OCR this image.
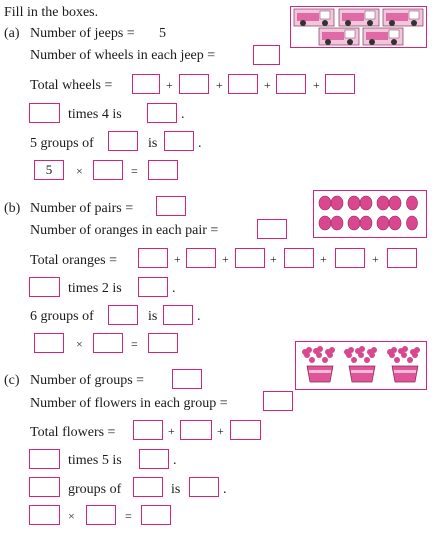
Fill in the boxes.
(a) Number of jeeps = 5
Number of wheels in each jeep =
Total wheels =	+	+	+	+
times 4 is	.
5 groups of	is	.
5	×	=
(b) Number of pairs =
Number of oranges in each pair =
Total oranges =	+	+	+	+	+
times 2 is	.
6 groups of	is	.
×	=
(c) Number of groups =
Number of flowers in each group =
Total flowers =	+	+
times 5 is	.
groups of	is	.
×	=
